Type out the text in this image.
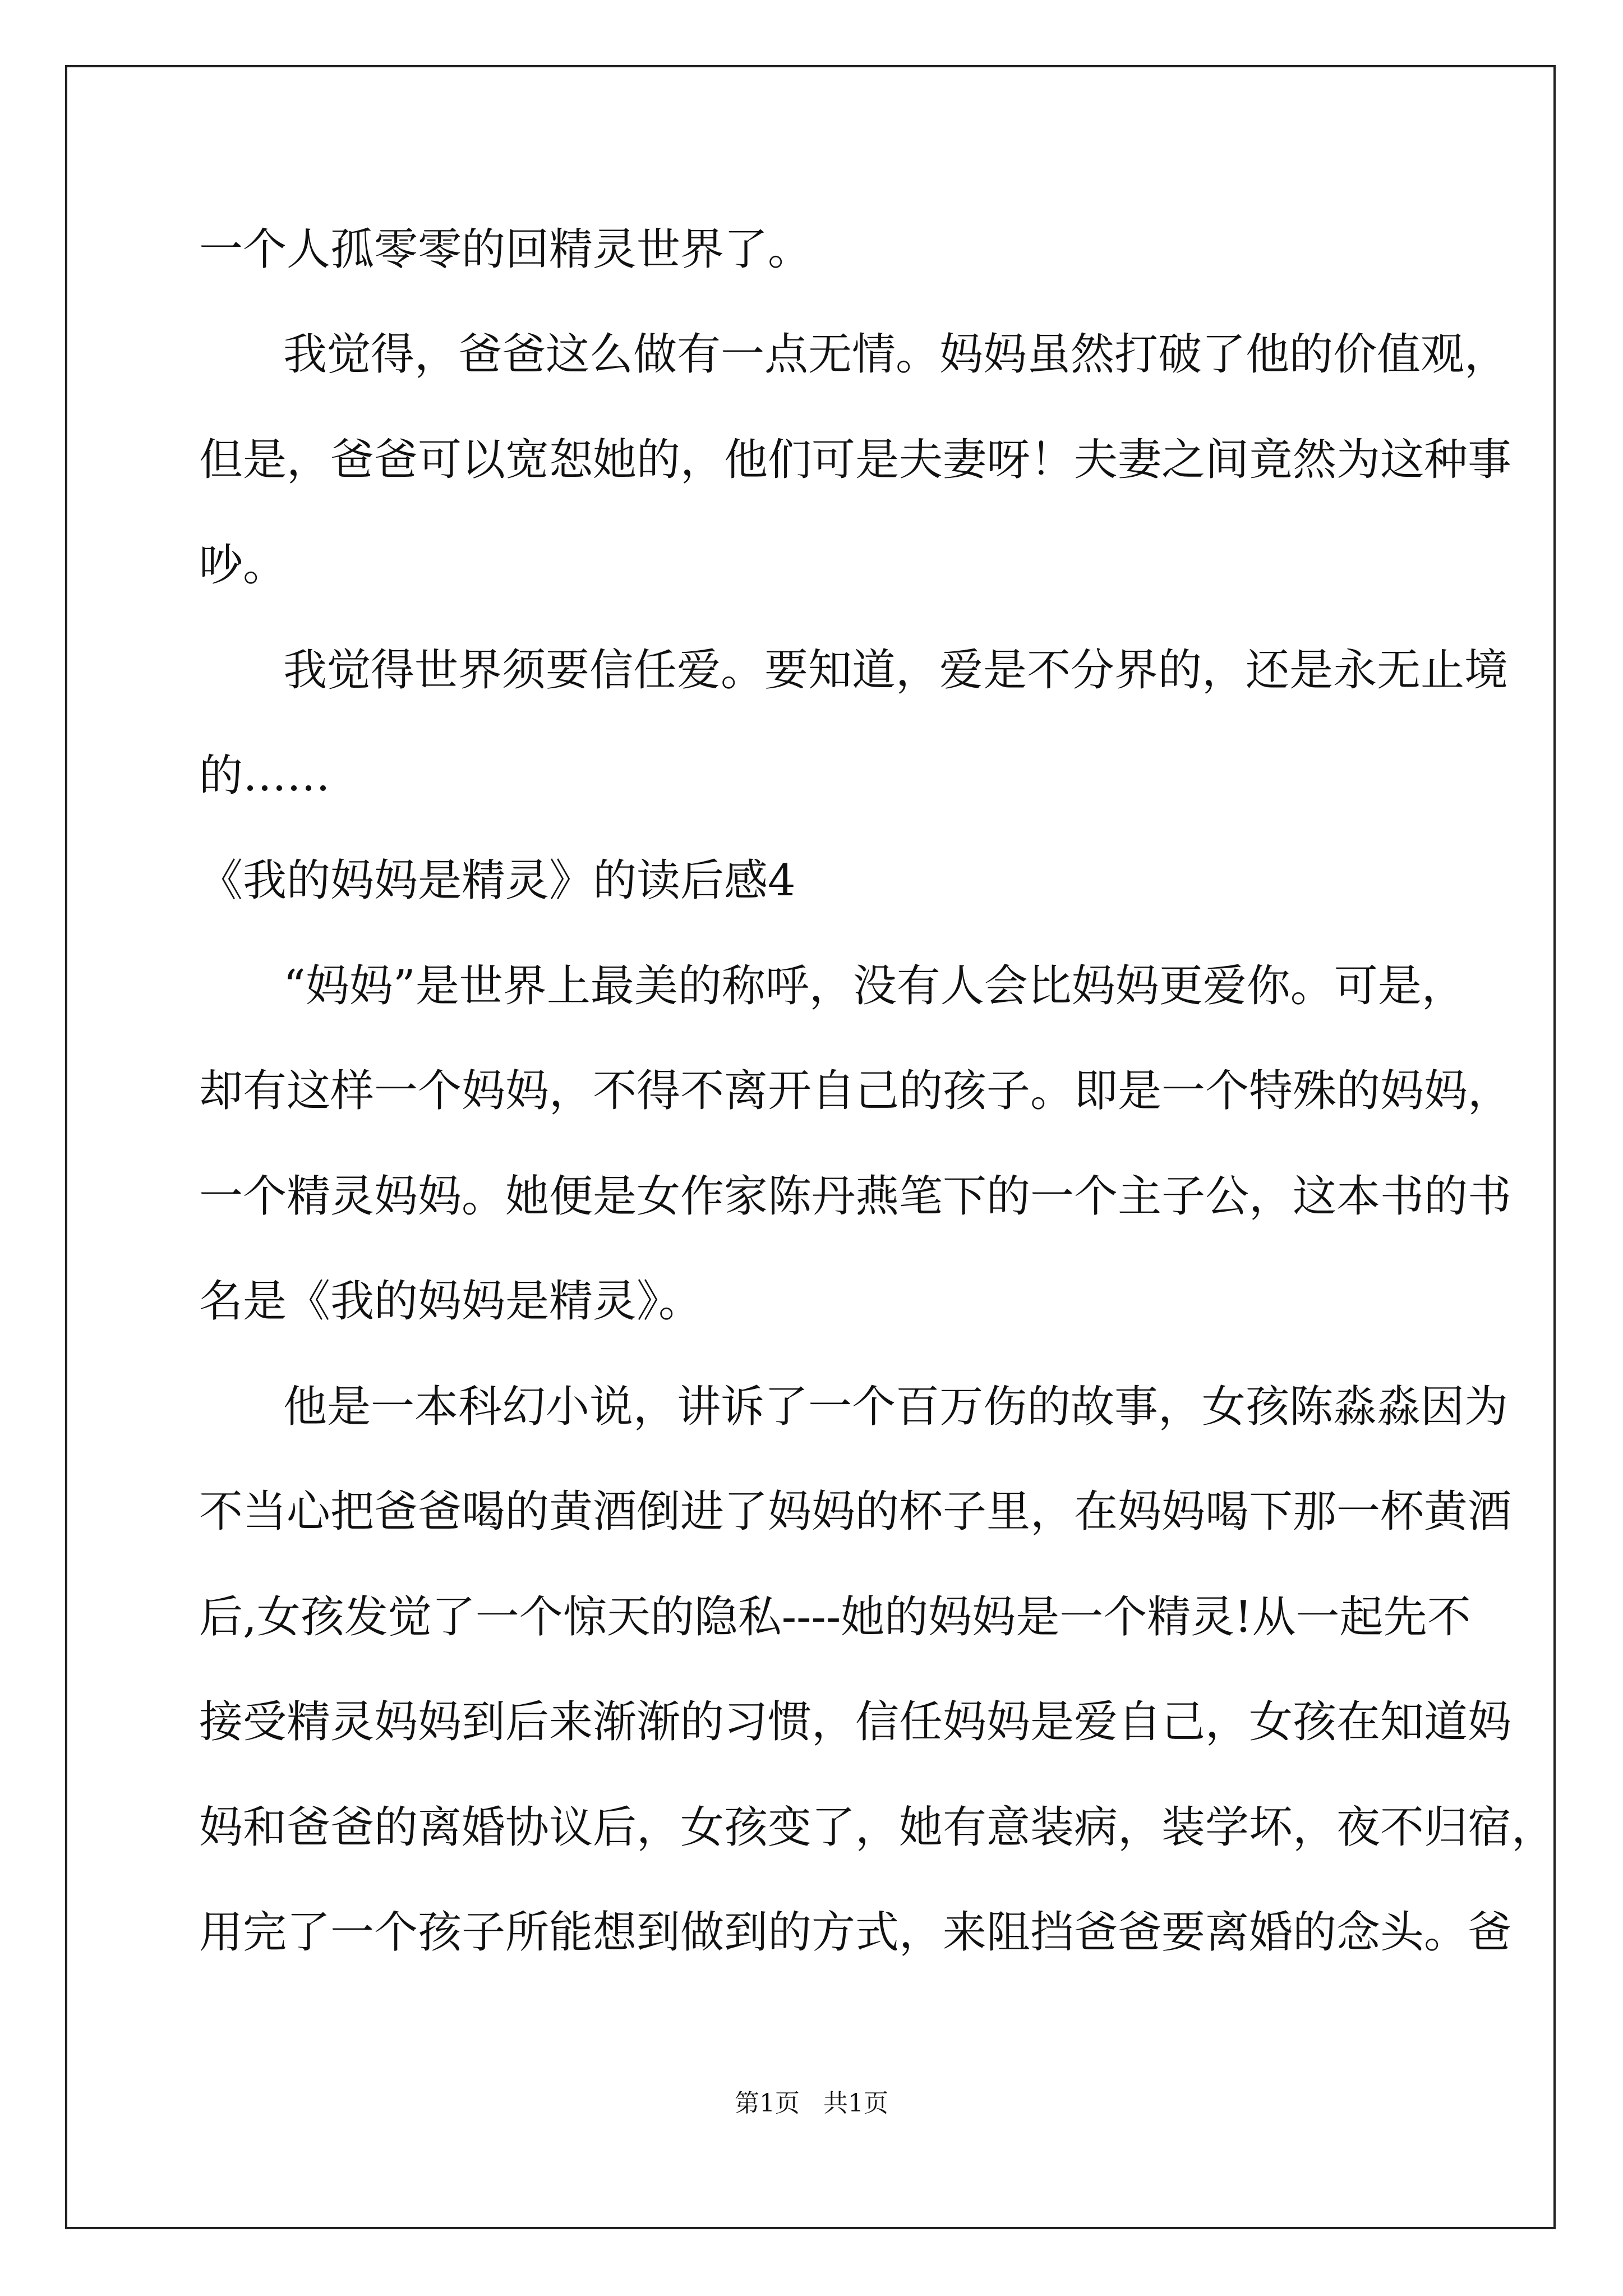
一个人孤零零的回精灵世界了。
我觉得，爸爸这么做有一点无情。妈妈虽然打破了他的价值观，
但是，爸爸可以宽恕她的，他们可是夫妻呀！夫妻之间竟然为这种事
吵。
我觉得世界须要信任爱。要知道，爱是不分界的，还是永无止境
的……
《我的妈妈是精灵》的读后感4
“妈妈”是世界上最美的称呼，没有人会比妈妈更爱你。可是，
却有这样一个妈妈，不得不离开自己的孩子。即是一个特殊的妈妈，
一个精灵妈妈。她便是女作家陈丹燕笔下的一个主子公，这本书的书
名是《我的妈妈是精灵》。
他是一本科幻小说，讲诉了一个百万伤的故事，女孩陈淼淼因为
不当心把爸爸喝的黄酒倒进了妈妈的杯子里，在妈妈喝下那一杯黄酒
后,女孩发觉了一个惊天的隐私----她的妈妈是一个精灵!从一起先不
接受精灵妈妈到后来渐渐的习惯，信任妈妈是爱自己，女孩在知道妈
妈和爸爸的离婚协议后，女孩变了，她有意装病，装学坏，夜不归宿，
用完了一个孩子所能想到做到的方式，来阻挡爸爸要离婚的念头。爸
第1页   共1页
